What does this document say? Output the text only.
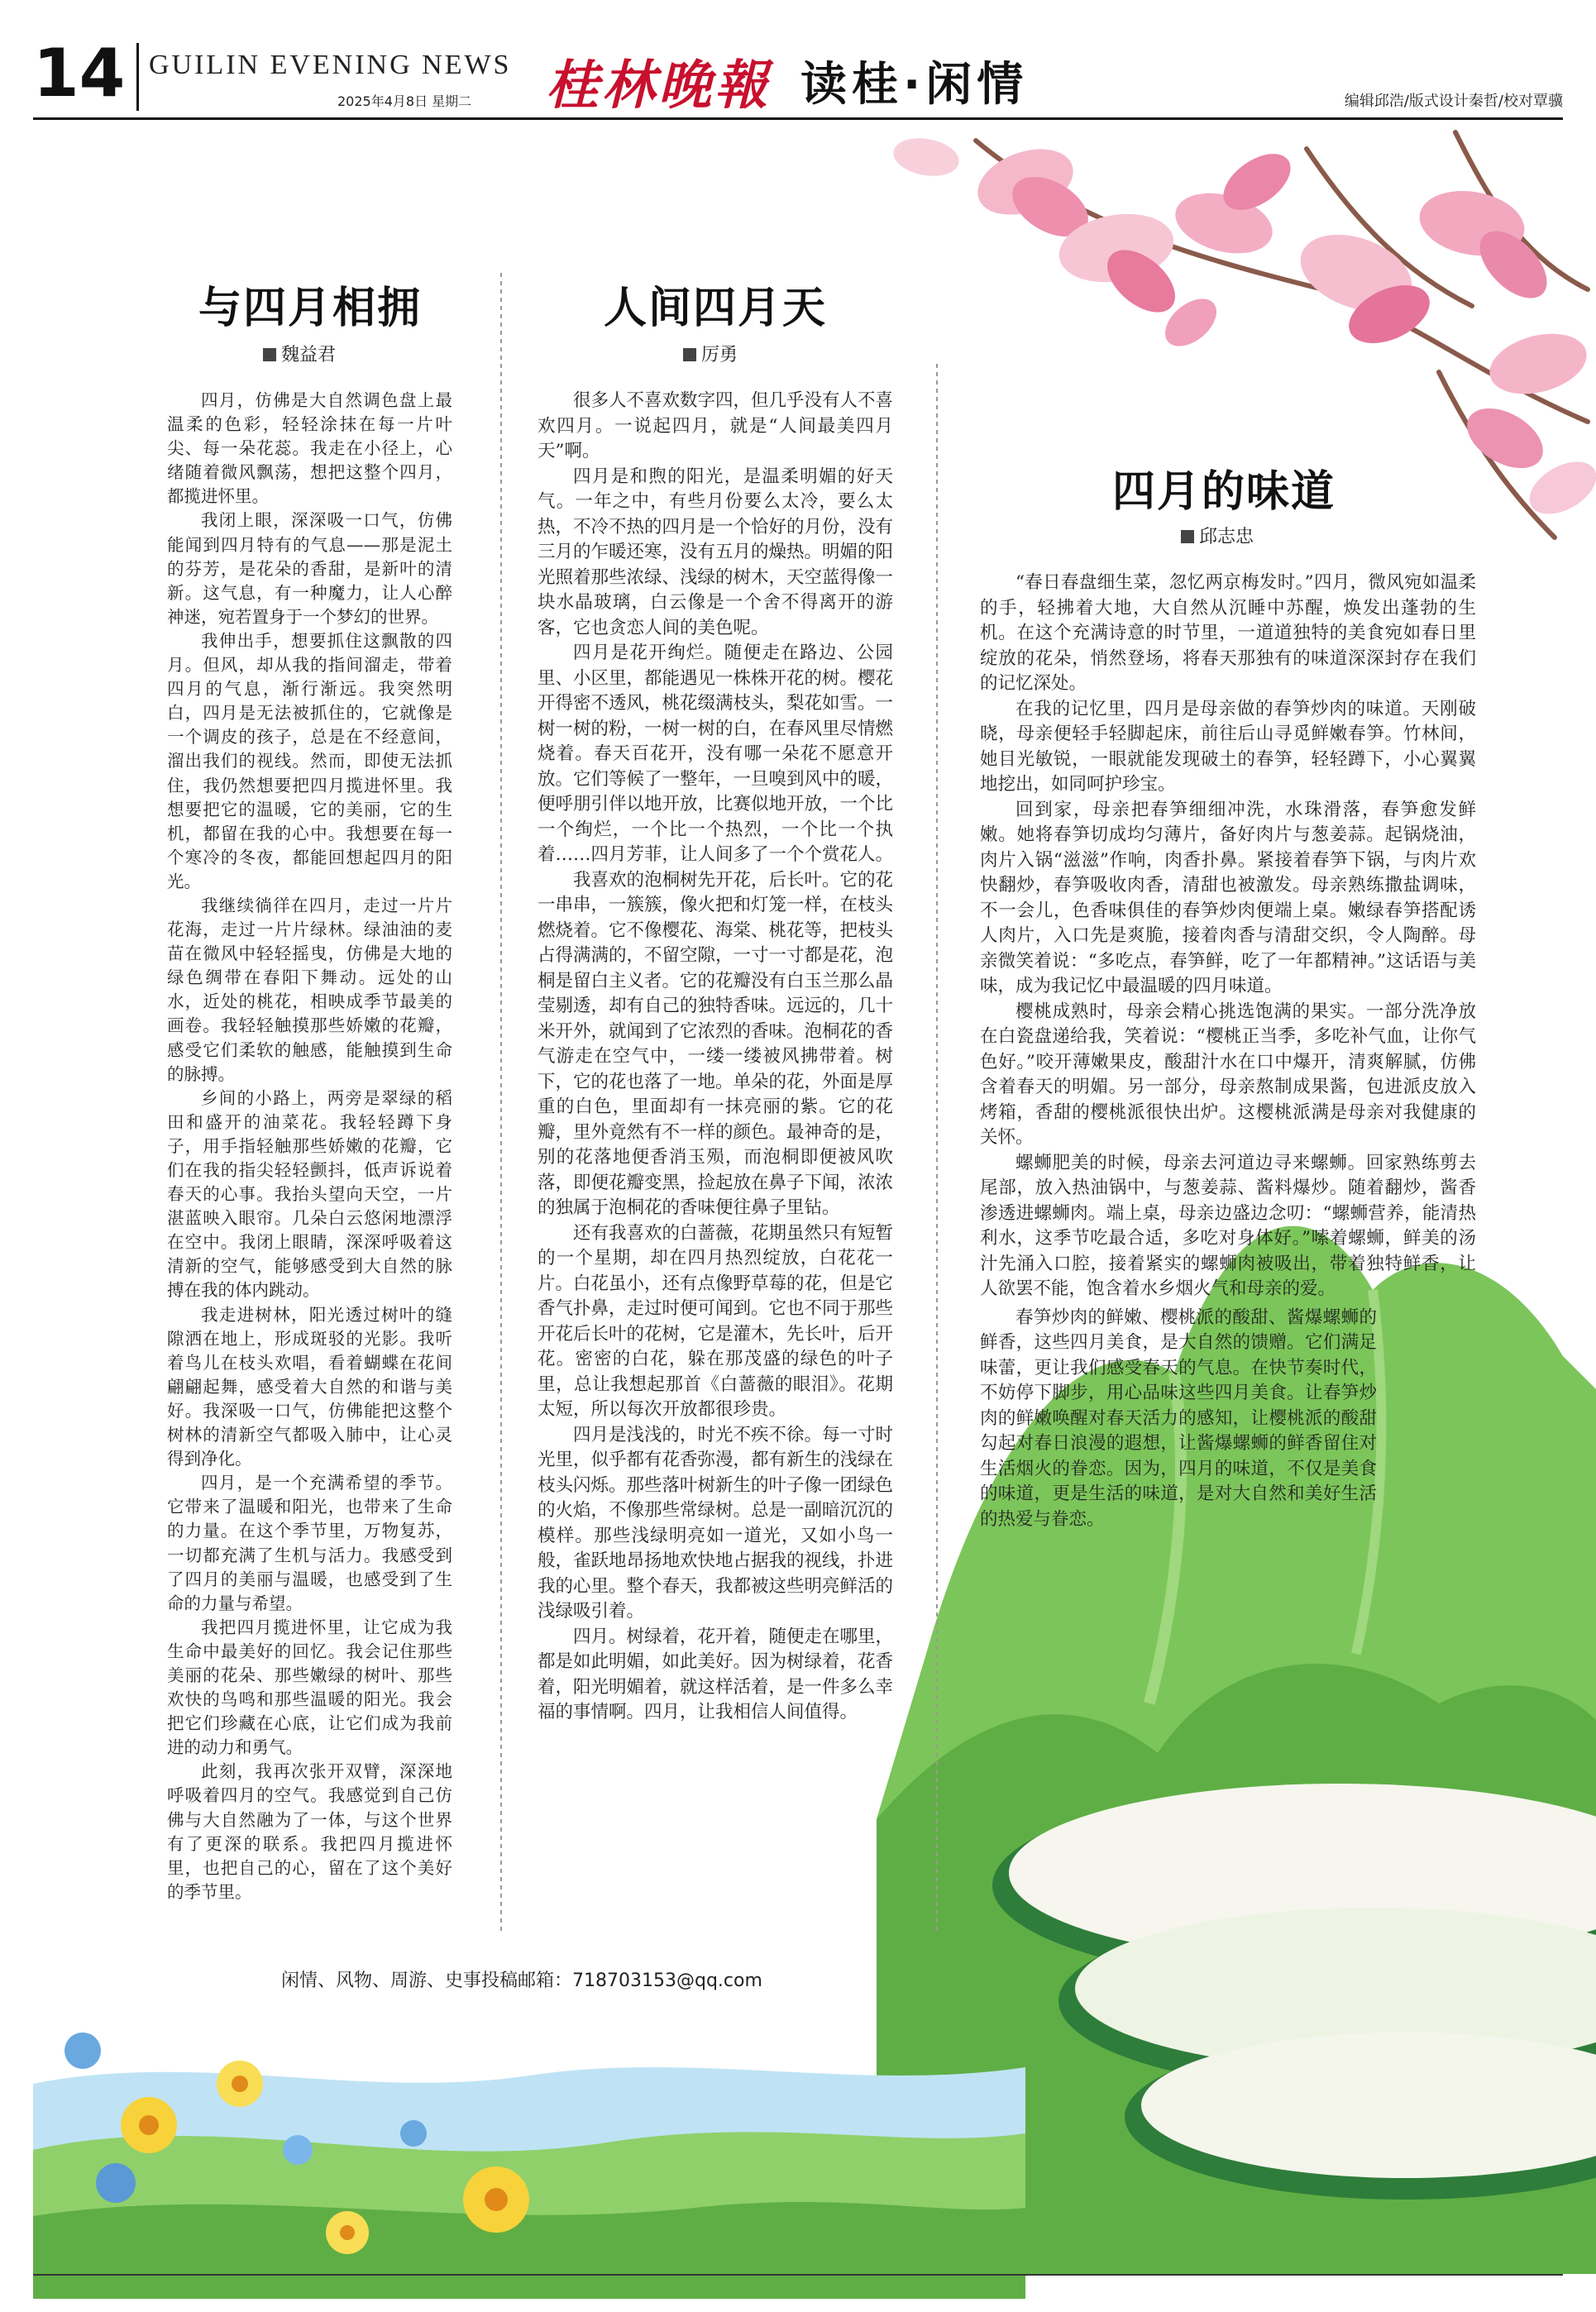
14 GUILIN EVENING NEWS
2025年4月8日 星期二 桂林晚報 读桂·闲情	编辑邱浩/版式设计秦哲/校对覃骥
与四月相拥
魏益君

四月，仿佛是大自然调色盘上最温柔的色彩，轻轻涂抹在每一片叶尖、每一朵花蕊。我走在小径上，心绪随着微风飘荡，想把这整个四月，都揽进怀里。

我闭上眼，深深吸一口气，仿佛能闻到四月特有的气息——那是泥土的芬芳，是花朵的香甜，是新叶的清新。这气息，有一种魔力，让人心醉神迷，宛若置身于一个梦幻的世界。

我伸出手，想要抓住这飘散的四月。但风，却从我的指间溜走，带着四月的气息，渐行渐远。我突然明白，四月是无法被抓住的，它就像是一个调皮的孩子，总是在不经意间，溜出我们的视线。然而，即使无法抓住，我仍然想要把四月揽进怀里。我想要把它的温暖，它的美丽，它的生机，都留在我的心中。我想要在每一个寒冷的冬夜，都能回想起四月的阳光。

我继续徜徉在四月，走过一片片花海，走过一片片绿林。绿油油的麦苗在微风中轻轻摇曳，仿佛是大地的绿色绸带在春阳下舞动。远处的山水，近处的桃花，相映成季节最美的画卷。我轻轻触摸那些娇嫩的花瓣，感受它们柔软的触感，能触摸到生命的脉搏。

乡间的小路上，两旁是翠绿的稻田和盛开的油菜花。我轻轻蹲下身子，用手指轻触那些娇嫩的花瓣，它们在我的指尖轻轻颤抖，低声诉说着春天的心事。我抬头望向天空，一片湛蓝映入眼帘。几朵白云悠闲地漂浮在空中。我闭上眼睛，深深呼吸着这清新的空气，能够感受到大自然的脉搏在我的体内跳动。

我走进树林，阳光透过树叶的缝隙洒在地上，形成斑驳的光影。我听着鸟儿在枝头欢唱，看着蝴蝶在花间翩翩起舞，感受着大自然的和谐与美好。我深吸一口气，仿佛能把这整个树林的清新空气都吸入肺中，让心灵得到净化。

四月，是一个充满希望的季节。它带来了温暖和阳光，也带来了生命的力量。在这个季节里，万物复苏，一切都充满了生机与活力。我感受到了四月的美丽与温暖，也感受到了生命的力量与希望。

我把四月揽进怀里，让它成为我生命中最美好的回忆。我会记住那些美丽的花朵、那些嫩绿的树叶、那些欢快的鸟鸣和那些温暖的阳光。我会把它们珍藏在心底，让它们成为我前进的动力和勇气。

此刻，我再次张开双臂，深深地呼吸着四月的空气。我感觉到自己仿佛与大自然融为了一体，与这个世界有了更深的联系。我把四月揽进怀里，也把自己的心，留在了这个美好的季节里。

人间四月天
厉勇

很多人不喜欢数字四，但几乎没有人不喜欢四月。一说起四月，就是“人间最美四月天”啊。

四月是和煦的阳光，是温柔明媚的好天气。一年之中，有些月份要么太冷，要么太热，不冷不热的四月是一个恰好的月份，没有三月的乍暖还寒，没有五月的燥热。明媚的阳光照着那些浓绿、浅绿的树木，天空蓝得像一块水晶玻璃，白云像是一个舍不得离开的游客，它也贪恋人间的美色呢。

四月是花开绚烂。随便走在路边、公园里、小区里，都能遇见一株株开花的树。樱花开得密不透风，桃花缀满枝头，梨花如雪。一树一树的粉，一树一树的白，在春风里尽情燃烧着。春天百花开，没有哪一朵花不愿意开放。它们等候了一整年，一旦嗅到风中的暖，便呼朋引伴以地开放，比赛似地开放，一个比一个绚烂，一个比一个热烈，一个比一个执着……四月芳菲，让人间多了一个个赏花人。

我喜欢的泡桐树先开花，后长叶。它的花一串串，一簇簇，像火把和灯笼一样，在枝头燃烧着。它不像樱花、海棠、桃花等，把枝头占得满满的，不留空隙，一寸一寸都是花，泡桐是留白主义者。它的花瓣没有白玉兰那么晶莹剔透，却有自己的独特香味。远远的，几十米开外，就闻到了它浓烈的香味。泡桐花的香气游走在空气中，一缕一缕被风拂带着。树下，它的花也落了一地。单朵的花，外面是厚重的白色，里面却有一抹亮丽的紫。它的花瓣，里外竟然有不一样的颜色。最神奇的是，别的花落地便香消玉殒，而泡桐即便被风吹落，即便花瓣变黑，捡起放在鼻子下闻，浓浓的独属于泡桐花的香味便往鼻子里钻。

还有我喜欢的白蔷薇，花期虽然只有短暂的一个星期，却在四月热烈绽放，白花花一片。白花虽小，还有点像野草莓的花，但是它香气扑鼻，走过时便可闻到。它也不同于那些开花后长叶的花树，它是灌木，先长叶，后开花。密密的白花，躲在那茂盛的绿色的叶子里，总让我想起那首《白蔷薇的眼泪》。花期太短，所以每次开放都很珍贵。

四月是浅浅的，时光不疾不徐。每一寸时光里，似乎都有花香弥漫，都有新生的浅绿在枝头闪烁。那些落叶树新生的叶子像一团绿色的火焰，不像那些常绿树。总是一副暗沉沉的模样。那些浅绿明亮如一道光，又如小鸟一般，雀跃地昂扬地欢快地占据我的视线，扑进我的心里。整个春天，我都被这些明亮鲜活的浅绿吸引着。

四月。树绿着，花开着，随便走在哪里，都是如此明媚，如此美好。因为树绿着，花香着，阳光明媚着，就这样活着，是一件多么幸福的事情啊。四月，让我相信人间值得。

四月的味道
邱志忠

“春日春盘细生菜，忽忆两京梅发时。”四月，微风宛如温柔的手，轻拂着大地，大自然从沉睡中苏醒，焕发出蓬勃的生机。在这个充满诗意的时节里，一道道独特的美食宛如春日里绽放的花朵，悄然登场，将春天那独有的味道深深封存在我们的记忆深处。

在我的记忆里，四月是母亲做的春笋炒肉的味道。天刚破晓，母亲便轻手轻脚起床，前往后山寻觅鲜嫩春笋。竹林间，她目光敏锐，一眼就能发现破土的春笋，轻轻蹲下，小心翼翼地挖出，如同呵护珍宝。

回到家，母亲把春笋细细冲洗，水珠滑落，春笋愈发鲜嫩。她将春笋切成均匀薄片，备好肉片与葱姜蒜。起锅烧油，肉片入锅“滋滋”作响，肉香扑鼻。紧接着春笋下锅，与肉片欢快翻炒，春笋吸收肉香，清甜也被激发。母亲熟练撒盐调味，不一会儿，色香味俱佳的春笋炒肉便端上桌。嫩绿春笋搭配诱人肉片，入口先是爽脆，接着肉香与清甜交织，令人陶醉。母亲微笑着说：“多吃点，春笋鲜，吃了一年都精神。”这话语与美味，成为我记忆中最温暖的四月味道。

樱桃成熟时，母亲会精心挑选饱满的果实。一部分洗净放在白瓷盘递给我，笑着说：“樱桃正当季，多吃补气血，让你气色好。”咬开薄嫩果皮，酸甜汁水在口中爆开，清爽解腻，仿佛含着春天的明媚。另一部分，母亲熬制成果酱，包进派皮放入烤箱，香甜的樱桃派很快出炉。这樱桃派满是母亲对我健康的关怀。

螺蛳肥美的时候，母亲去河道边寻来螺蛳。回家熟练剪去尾部，放入热油锅中，与葱姜蒜、酱料爆炒。随着翻炒，酱香渗透进螺蛳肉。端上桌，母亲边盛边念叨：“螺蛳营养，能清热利水，这季节吃最合适，多吃对身体好。”嗦着螺蛳，鲜美的汤汁先涌入口腔，接着紧实的螺蛳肉被吸出，带着独特鲜香，让人欲罢不能，饱含着水乡烟火气和母亲的爱。

春笋炒肉的鲜嫩、樱桃派的酸甜、酱爆螺蛳的鲜香，这些四月美食，是大自然的馈赠。它们满足味蕾，更让我们感受春天的气息。在快节奏时代，不妨停下脚步，用心品味这些四月美食。让春笋炒肉的鲜嫩唤醒对春天活力的感知，让樱桃派的酸甜勾起对春日浪漫的遐想，让酱爆螺蛳的鲜香留住对生活烟火的眷恋。因为，四月的味道，不仅是美食的味道，更是生活的味道，是对大自然和美好生活的热爱与眷恋。

闲情、风物、周游、史事投稿邮箱：718703153@qq.com
